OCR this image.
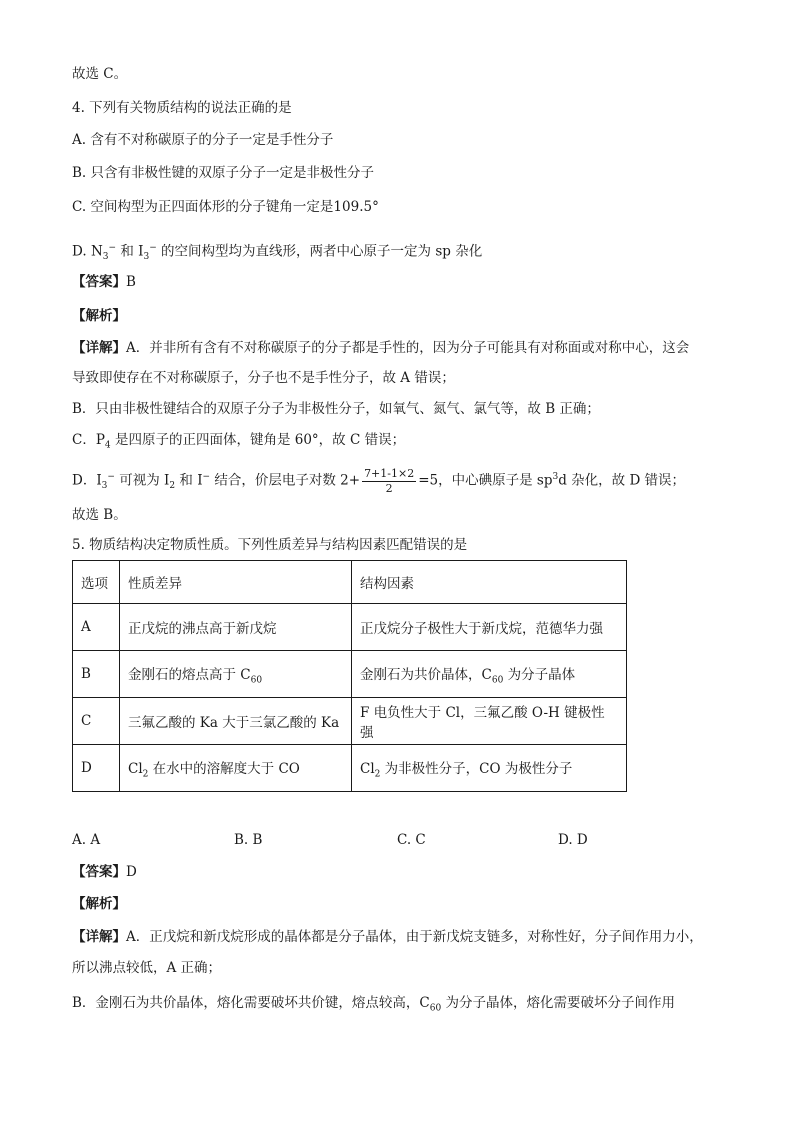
故选 C。
4. 下列有关物质结构的说法正确的是
A. 含有不对称碳原子的分子一定是手性分子
B. 只含有非极性键的双原子分子一定是非极性分子
C. 空间构型为正四面体形的分子键角一定是109.5°
D. $N_3^-$ 和 $I_3^-$ 的空间构型均为直线形，两者中心原子一定为 sp 杂化
【答案】B
【解析】
【详解】A．并非所有含有不对称碳原子的分子都是手性的，因为分子可能具有对称面或对称中心，这会
导致即使存在不对称碳原子，分子也不是手性分子，故 A 错误；
B．只由非极性键结合的双原子分子为非极性分子，如氧气、氮气、氯气等，故 B 正确；
C．$P_4$ 是四原子的正四面体，键角是 60°，故 C 错误；
D．$I_3^-$ 可视为 $I_2$ 和 I− 结合，价层电子对数 $2+ \frac{7+1-1\times 2}{2} =5$，中心碘原子是 $sp^3d$ 杂化，故 D 错误；
故选 B。
5. 物质结构决定物质性质。下列性质差异与结构因素匹配错误的是
选项	性质差异	结构因素
A	正戊烷的沸点高于新戊烷	正戊烷分子极性大于新戊烷，范德华力强
B	金刚石的熔点高于 $C_{60}$	金刚石为共价晶体，$C_{60}$ 为分子晶体
C	三氟乙酸的 Ka 大于三氯乙酸的 Ka	F 电负性大于 Cl，三氟乙酸 O-H 键极性强
D	$Cl_2$ 在水中的溶解度大于 CO	$Cl_2$ 为非极性分子，CO 为极性分子
A. A	B. B	C. C	D. D
【答案】D
【解析】
【详解】A．正戊烷和新戊烷形成的晶体都是分子晶体，由于新戊烷支链多，对称性好，分子间作用力小，
所以沸点较低，A 正确；
B．金刚石为共价晶体，熔化需要破坏共价键，熔点较高，$C_{60}$ 为分子晶体，熔化需要破坏分子间作用
